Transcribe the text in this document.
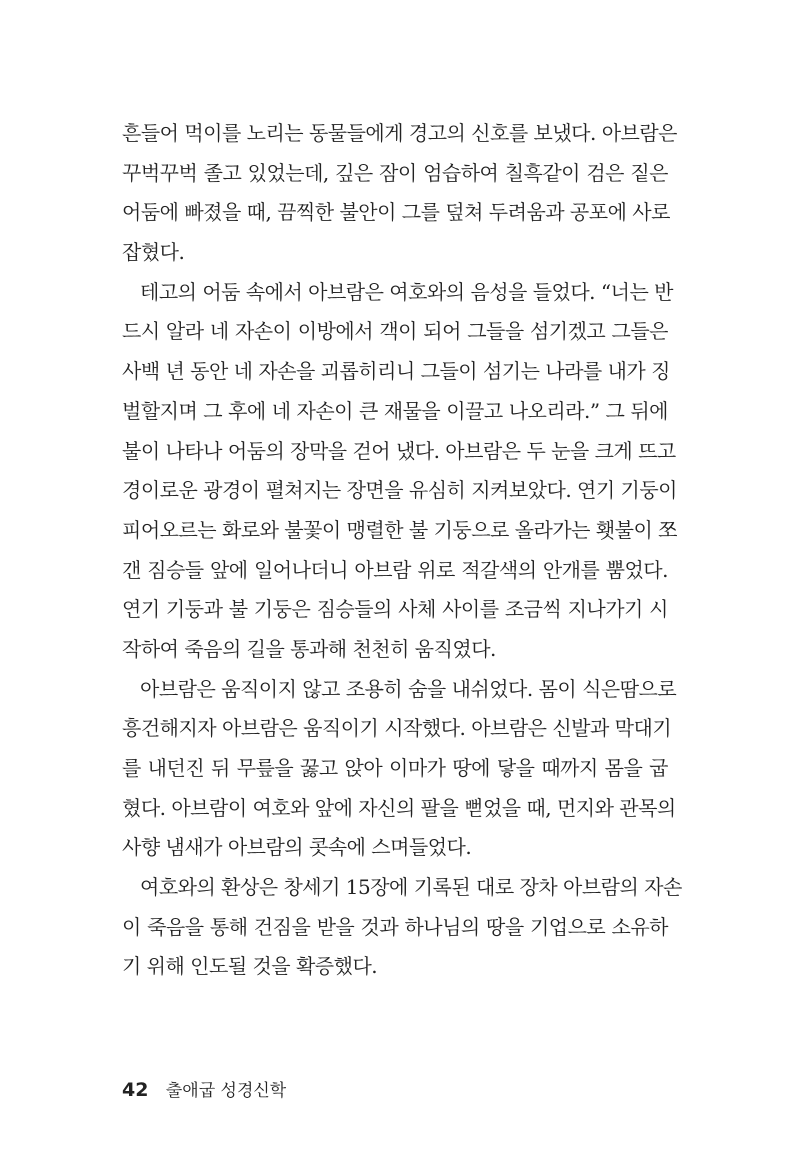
흔들어 먹이를 노리는 동물들에게 경고의 신호를 보냈다. 아브람은
꾸벅꾸벅 졸고 있었는데, 깊은 잠이 엄습하여 칠흑같이 검은 짙은
어둠에 빠졌을 때, 끔찍한 불안이 그를 덮쳐 두려움과 공포에 사로
잡혔다.
테고의 어둠 속에서 아브람은 여호와의 음성을 들었다. “너는 반
드시 알라 네 자손이 이방에서 객이 되어 그들을 섬기겠고 그들은
사백 년 동안 네 자손을 괴롭히리니 그들이 섬기는 나라를 내가 징
벌할지며 그 후에 네 자손이 큰 재물을 이끌고 나오리라.” 그 뒤에
불이 나타나 어둠의 장막을 걷어 냈다. 아브람은 두 눈을 크게 뜨고
경이로운 광경이 펼쳐지는 장면을 유심히 지켜보았다. 연기 기둥이
피어오르는 화로와 불꽃이 맹렬한 불 기둥으로 올라가는 횃불이 쪼
갠 짐승들 앞에 일어나더니 아브람 위로 적갈색의 안개를 뿜었다.
연기 기둥과 불 기둥은 짐승들의 사체 사이를 조금씩 지나가기 시
작하여 죽음의 길을 통과해 천천히 움직였다.
아브람은 움직이지 않고 조용히 숨을 내쉬었다. 몸이 식은땀으로
흥건해지자 아브람은 움직이기 시작했다. 아브람은 신발과 막대기
를 내던진 뒤 무릎을 꿇고 앉아 이마가 땅에 닿을 때까지 몸을 굽
혔다. 아브람이 여호와 앞에 자신의 팔을 뻗었을 때, 먼지와 관목의
사향 냄새가 아브람의 콧속에 스며들었다.
여호와의 환상은 창세기 15장에 기록된 대로 장차 아브람의 자손
이 죽음을 통해 건짐을 받을 것과 하나님의 땅을 기업으로 소유하
기 위해 인도될 것을 확증했다.
42 출애굽 성경신학
